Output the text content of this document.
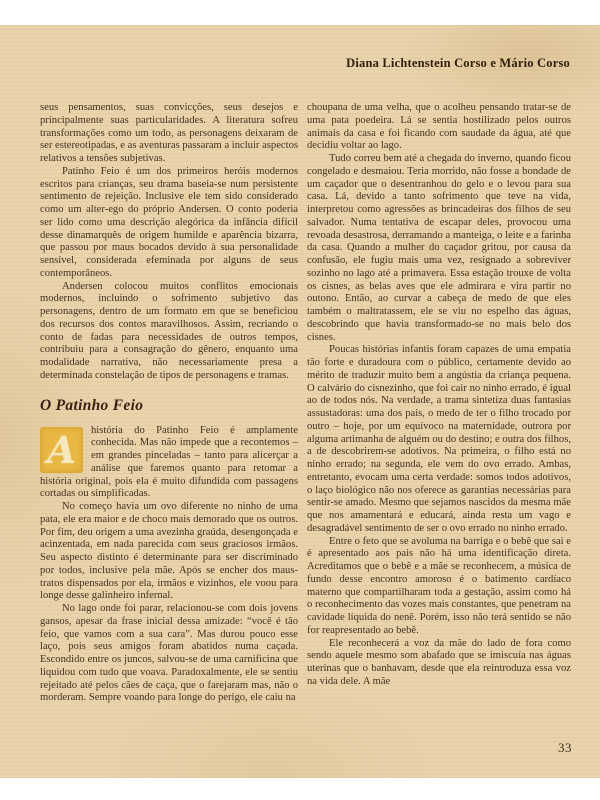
Diana Lichtenstein Corso e Mário Corso

seus pensamentos, suas convicções, seus desejos e principalmente suas particularidades. A literatura sofreu transformações como um todo, as personagens deixaram de ser estereotipadas, e as aventuras passaram a incluir aspectos relativos a tensões subjetivas.

Patinho Feio é um dos primeiros heróis modernos escritos para crianças, seu drama baseia-se num persistente sentimento de rejeição. Inclusive ele tem sido considerado como um alter-ego do próprio Andersen. O conto poderia ser lido como uma descrição alegórica da infância difícil desse dinamarquês de origem humilde e aparência bizarra, que passou por maus bocados devido à sua personalidade sensível, considerada efeminada por alguns de seus contemporâneos.

Andersen colocou muitos conflitos emocionais modernos, incluindo o sofrimento subjetivo das personagens, dentro de um formato em que se beneficiou dos recursos dos contos maravilhosos. Assim, recriando o conto de fadas para necessidades de outros tempos, contribuiu para a consagração do gênero, enquanto uma modalidade narrativa, não necessariamente presa a determinada constelação de tipos de personagens e tramas.

O Patinho Feio

A	história do Patinho Feio é amplamente conhecida. Mas não impede que a recontemos – em grandes pinceladas – tanto para alicerçar a análise que faremos quanto para retomar a história original, pois ela é muito difundida com passagens cortadas ou simplificadas.

No começo havia um ovo diferente no ninho de uma pata, ele era maior e de choco mais demorado que os outros. Por fim, deu origem a uma avezinha graúda, desengonçada e acinzentada, em nada parecida com seus graciosos irmãos. Seu aspecto distinto é determinante para ser discriminado por todos, inclusive pela mãe. Após se encher dos maus-tratos dispensados por ela, irmãos e vizinhos, ele voou para longe desse galinheiro infernal.

No lago onde foi parar, relacionou-se com dois jovens gansos, apesar da frase inicial dessa amizade: “você é tão feio, que vamos com a sua cara”. Mas durou pouco esse laço, pois seus amigos foram abatidos numa caçada. Escondido entre os juncos, salvou-se de uma carnificina que liquidou com tudo que voava. Paradoxalmente, ele se sentiu rejeitado até pelos cães de caça, que o farejaram mas, não o morderam. Sempre voando para longe do perigo, ele caiu na

choupana de uma velha, que o acolheu pensando tratar-se de uma pata poedeira. Lá se sentia hostilizado pelos outros animais da casa e foi ficando com saudade da água, até que decidiu voltar ao lago.

Tudo correu bem até a chegada do inverno, quando ficou congelado e desmaiou. Teria morrido, não fosse a bondade de um caçador que o desentranhou do gelo e o levou para sua casa. Lá, devido a tanto sofrimento que teve na vida, interpretou como agressões as brincadeiras dos filhos de seu salvador. Numa tentativa de escapar deles, provocou uma revoada desastrosa, derramando a manteiga, o leite e a farinha da casa. Quando a mulher do caçador gritou, por causa da confusão, ele fugiu mais uma vez, resignado a sobreviver sozinho no lago até a primavera. Essa estação trouxe de volta os cisnes, as belas aves que ele admirara e vira partir no outono. Então, ao curvar a cabeça de medo de que eles também o maltratassem, ele se viu no espelho das águas, descobrindo que havia transformado-se no mais belo dos cisnes.

Poucas histórias infantis foram capazes de uma empatia tão forte e duradoura com o público, certamente devido ao mérito de traduzir muito bem a angústia da criança pequena. O calvário do cisnezinho, que foi cair no ninho errado, é igual ao de todos nós. Na verdade, a trama sintetiza duas fantasias assustadoras: uma dos pais, o medo de ter o filho trocado por outro – hoje, por um equívoco na maternidade, outrora por alguma artimanha de alguém ou do destino; e outra dos filhos, a de descobrirem-se adotivos. Na primeira, o filho está no ninho errado; na segunda, ele vem do ovo errado. Ambas, entretanto, evocam uma certa verdade: somos todos adotivos, o laço biológico não nos oferece as garantias necessárias para sentir-se amado. Mesmo que sejamos nascidos da mesma mãe que nos amamentará e educará, ainda resta um vago e desagradável sentimento de ser o ovo errado no ninho errado.

Entre o feto que se avoluma na barriga e o bebê que sai e é apresentado aos pais não há uma identificação direta. Acreditamos que o bebê e a mãe se reconhecem, a música de fundo desse encontro amoroso é o batimento cardíaco materno que compartilharam toda a gestação, assim como há o reconhecimento das vozes mais constantes, que penetram na cavidade líquida do nenê. Porém, isso não terá sentido se não for reapresentado ao bebê.

Ele reconhecerá a voz da mãe do lado de fora como sendo aquele mesmo som abafado que se imiscuía nas águas uterinas que o banhavam, desde que ela reintroduza essa voz na vida dele. A mãe

33
